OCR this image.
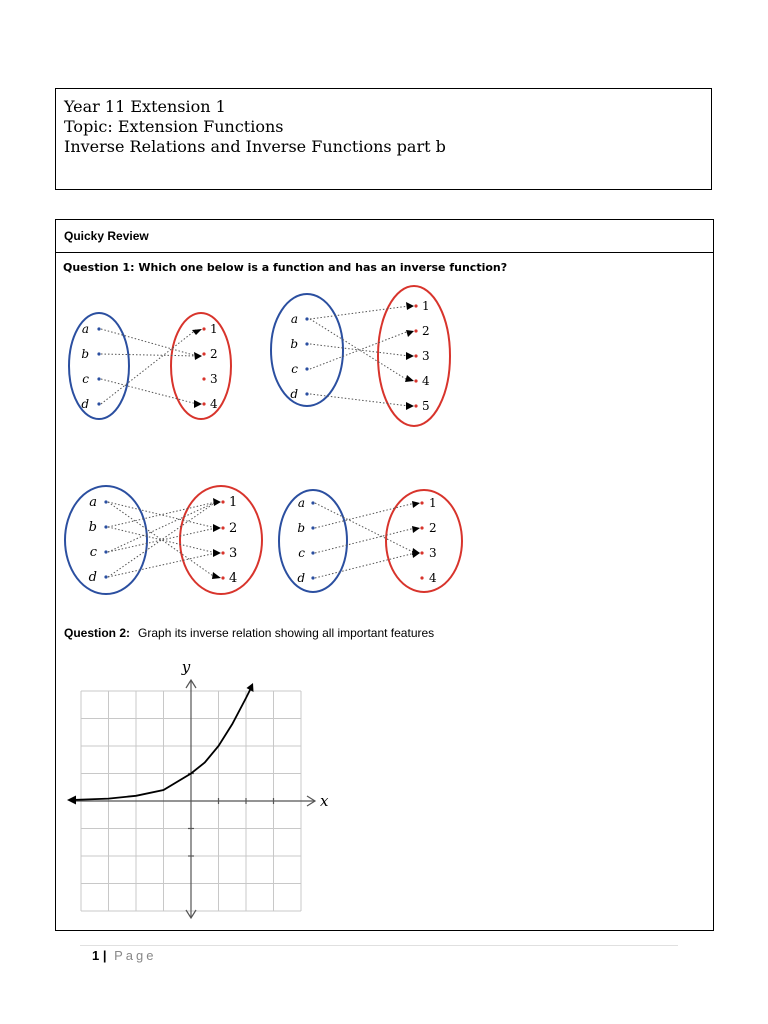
Year 11 Extension 1
Topic: Extension Functions
Inverse Relations and Inverse Functions part b
Quicky Review
Question 1: Which one below is a function and has an inverse function?
a
b
c
d
1
2
3
4
a
b
c
d
1
2
3
4
5
a
b
c
d
1
2
3
4
a
b
c
d
1
2
3
4
Question 2: Graph its inverse relation showing all important features
y
x
1 | Page
